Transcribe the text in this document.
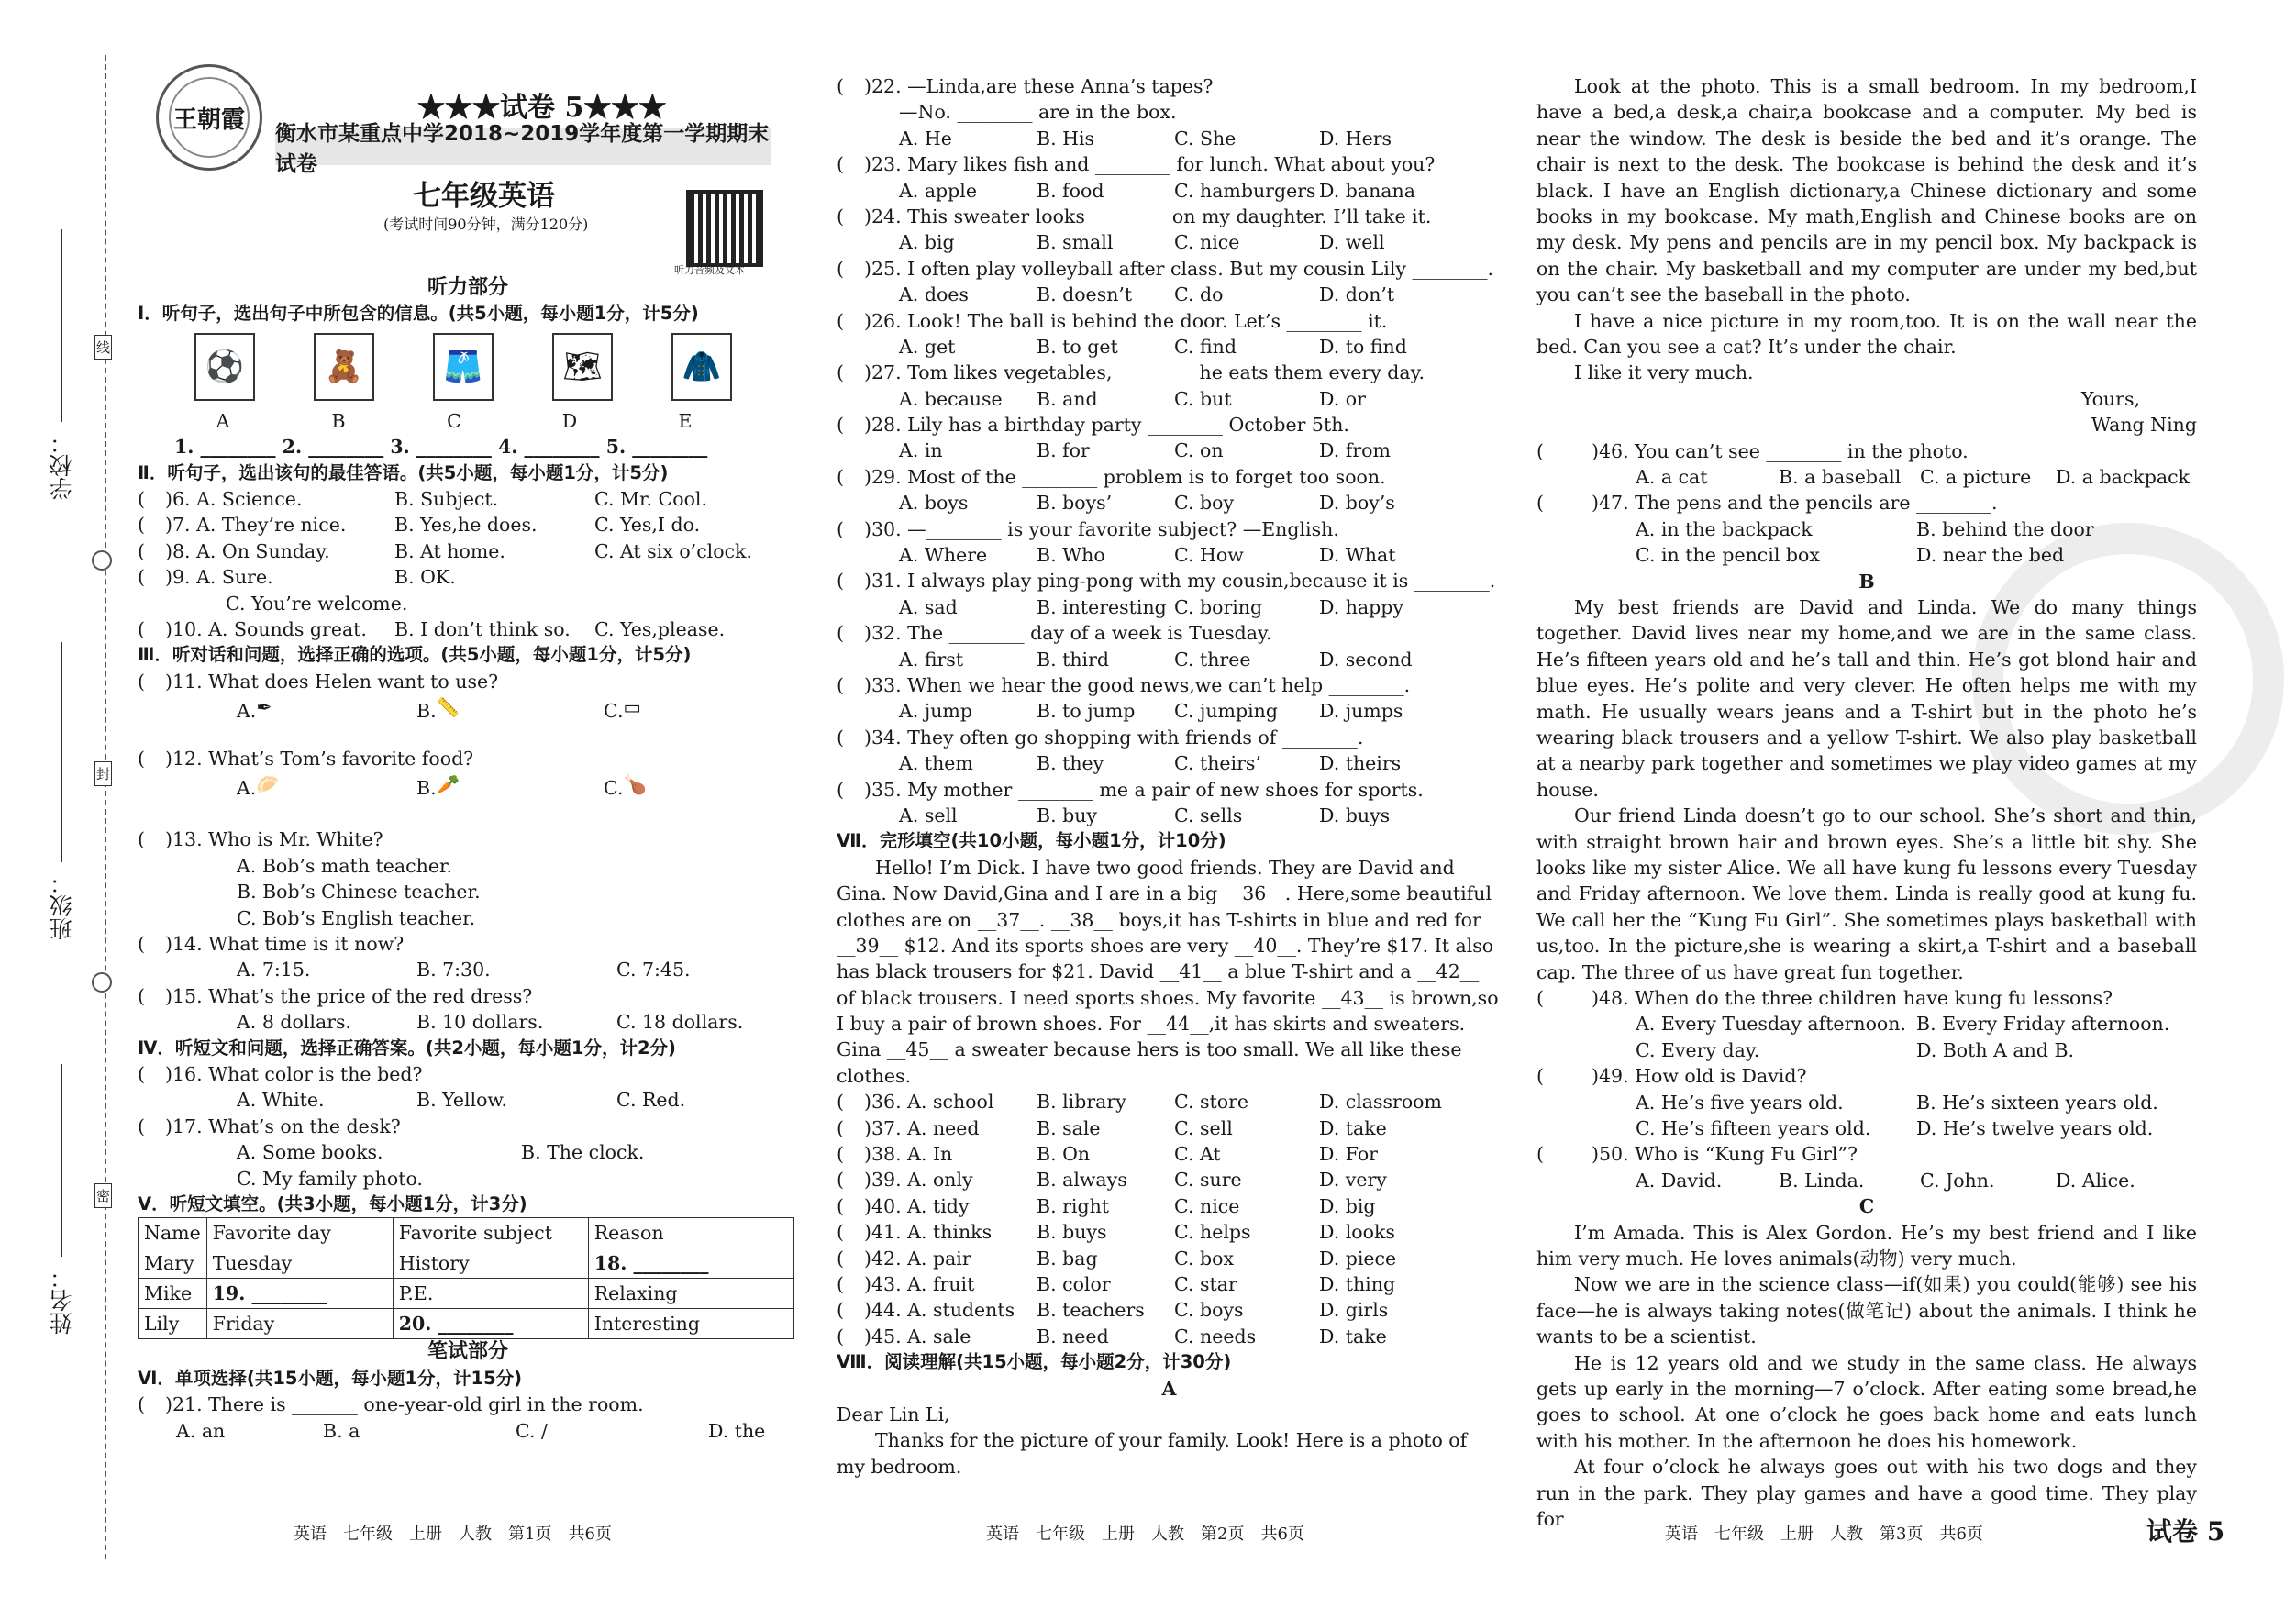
学校：
班级：
姓名：
线
封
密
王朝霞	★★★试卷 5★★★
衡水市某重点中学2018~2019学年度第一学期期末试卷
七年级英语
(考试时间90分钟，满分120分)
听力音频及文本
听力部分
Ⅰ．听句子，选出句子中所包含的信息。(共5小题，每小题1分，计5分)
⚽	🧸	🩳	🗺	🧥
A	B	C	D	E
1. ________ 2. ________ 3. ________ 4. ________ 5. ________
Ⅱ．听句子，选出该句的最佳答语。(共5小题，每小题1分，计5分)
( )6. A. Science.	B. Subject.	C. Mr. Cool.
( )7. A. They’re nice.	B. Yes,he does.	C. Yes,I do.
( )8. A. On Sunday.	B. At home.	C. At six o’clock.
( )9. A. Sure.	B. OK.
C. You’re welcome.
( )10. A. Sounds great. B. I don’t think so. C. Yes,please.
Ⅲ．听对话和问题，选择正确的选项。(共5小题，每小题1分，计5分)
( )11. What does Helen want to use?
A.✒	B.📏	C.▭
( )12. What’s Tom’s favorite food?
A.🥟	B.🥕	C.🍗
( )13. Who is Mr. White?
A. Bob’s math teacher.
B. Bob’s Chinese teacher.
C. Bob’s English teacher.
( )14. What time is it now?
A. 7:15.	B. 7:30.	C. 7:45.
( )15. What’s the price of the red dress?
A. 8 dollars.	B. 10 dollars.	C. 18 dollars.
Ⅳ．听短文和问题，选择正确答案。(共2小题，每小题1分，计2分)
( )16. What color is the bed?
A. White.	B. Yellow.	C. Red.
( )17. What’s on the desk?
A. Some books.	B. The clock.
C. My family photo.
Ⅴ．听短文填空。(共3小题，每小题1分，计3分)
Name	Favorite day	Favorite subject	Reason
Mary	Tuesday	History	18. ________
Mike	19. ________	P.E.	Relaxing
Lily	Friday	20. ________	Interesting
笔试部分
Ⅵ．单项选择(共15小题，每小题1分，计15分)
( )21. There is _______ one-year-old girl in the room.
A. an	B. a	C. /	D. the
( )22. —Linda,are these Anna’s tapes?
—No. ________ are in the box.
A. He	B. His	C. She	D. Hers
( )23. Mary likes fish and ________ for lunch. What about you?
A. apple	B. food	C. hamburgers D. banana
( )24. This sweater looks ________ on my daughter. I’ll take it.
A. big	B. small	C. nice	D. well
( )25. I often play volleyball after class. But my cousin Lily ________.
A. does	B. doesn’t C. do	D. don’t
( )26. Look! The ball is behind the door. Let’s ________ it.
A. get	B. to get	C. find	D. to find
( )27. Tom likes vegetables, ________ he eats them every day.
A. because B. and	C. but	D. or
( )28. Lily has a birthday party ________ October 5th.
A. in	B. for	C. on	D. from
( )29. Most of the ________ problem is to forget too soon.
A. boys	B. boys’	C. boy	D. boy’s
( )30. —________ is your favorite subject? —English.
A. Where	B. Who	C. How	D. What
( )31. I always play ping-pong with my cousin,because it is ________.
A. sad	B. interesting C. boring	D. happy
( )32. The ________ day of a week is Tuesday.
A. first	B. third	C. three	D. second
( )33. When we hear the good news,we can’t help ________.
A. jump	B. to jump C. jumping D. jumps
( )34. They often go shopping with friends of ________.
A. them	B. they	C. theirs’	D. theirs
( )35. My mother ________ me a pair of new shoes for sports.
A. sell	B. buy	C. sells	D. buys
Ⅶ．完形填空(共10小题，每小题1分，计10分)
Hello! I’m Dick. I have two good friends. They are David and
Gina. Now David,Gina and I are in a big __36__. Here,some beautiful
clothes are on __37__. __38__ boys,it has T-shirts in blue and red for
__39__ $12. And its sports shoes are very __40__. They’re $17. It also
has black trousers for $21. David __41__ a blue T-shirt and a __42__
of black trousers. I need sports shoes. My favorite __43__ is brown,so
I buy a pair of brown shoes. For __44__,it has skirts and sweaters.
Gina __45__ a sweater because hers is too small. We all like these
clothes.
( )36. A. school B. library	C. store	D. classroom
( )37. A. need	B. sale	C. sell	D. take
( )38. A. In	B. On	C. At	D. For
( )39. A. only	B. always	C. sure	D. very
( )40. A. tidy	B. right	C. nice	D. big
( )41. A. thinks B. buys	C. helps	D. looks
( )42. A. pair	B. bag	C. box	D. piece
( )43. A. fruit	B. color	C. star	D. thing
( )44. A. students B. teachers C. boys	D. girls
( )45. A. sale	B. need	C. needs	D. take
Ⅷ．阅读理解(共15小题，每小题2分，计30分)
A
Dear Lin Li,
Thanks for the picture of your family. Look! Here is a photo of
my bedroom.
Look at the photo. This is a small bedroom. In my bedroom,I have a bed,a desk,a chair,a bookcase and a computer. My bed is near the window. The desk is beside the bed and it’s orange. The chair is next to the desk. The bookcase is behind the desk and it’s black. I have an English dictionary,a Chinese dictionary and some books in my bookcase. My math,English and Chinese books are on my desk. My pens and pencils are in my pencil box. My backpack is on the chair. My basketball and my computer are under my bed,but you can’t see the baseball in the photo.
I have a nice picture in my room,too. It is on the wall near the bed. Can you see a cat? It’s under the chair.
I like it very much.
Yours,
Wang Ning
(	)46. You can’t see ________ in the photo.
A. a cat	B. a baseball C. a picture D. a backpack
(	)47. The pens and the pencils are ________.
A. in the backpack	B. behind the door
C. in the pencil box	D. near the bed
B
My best friends are David and Linda. We do many things together. David lives near my home,and we are in the same class. He’s fifteen years old and he’s tall and thin. He’s got blond hair and blue eyes. He’s polite and very clever. He often helps me with my math. He usually wears jeans and a T-shirt but in the photo he’s wearing black trousers and a yellow T-shirt. We also play basketball at a nearby park together and sometimes we play video games at my house.
Our friend Linda doesn’t go to our school. She’s short and thin, with straight brown hair and brown eyes. She’s a little bit shy. She looks like my sister Alice. We all have kung fu lessons every Tuesday and Friday afternoon. We love them. Linda is really good at kung fu. We call her the “Kung Fu Girl”. She sometimes plays basketball with us,too. In the picture,she is wearing a skirt,a T-shirt and a baseball cap. The three of us have great fun together.
(	)48. When do the three children have kung fu lessons?
A. Every Tuesday afternoon. B. Every Friday afternoon.
C. Every day.	D. Both A and B.
(	)49. How old is David?
A. He’s five years old.	B. He’s sixteen years old.
C. He’s fifteen years old. D. He’s twelve years old.
(	)50. Who is “Kung Fu Girl”?
A. David.	B. Linda.	C. John.	D. Alice.
C
I’m Amada. This is Alex Gordon. He’s my best friend and I like him very much. He loves animals(动物) very much.
Now we are in the science class—if(如果) you could(能够) see his face—he is always taking notes(做笔记) about the animals. I think he wants to be a scientist.
He is 12 years old and we study in the same class. He always gets up early in the morning—7 o’clock. After eating some bread,he goes to school. At one o’clock he goes back home and eats lunch with his mother. In the afternoon he does his homework.
At four o’clock he always goes out with his two dogs and they run in the park. They play games and have a good time. They play for
英语　七年级　上册　人教　第1页　共6页	英语　七年级　上册　人教　第2页　共6页	英语　七年级　上册　人教　第3页　共6页	试卷 5
